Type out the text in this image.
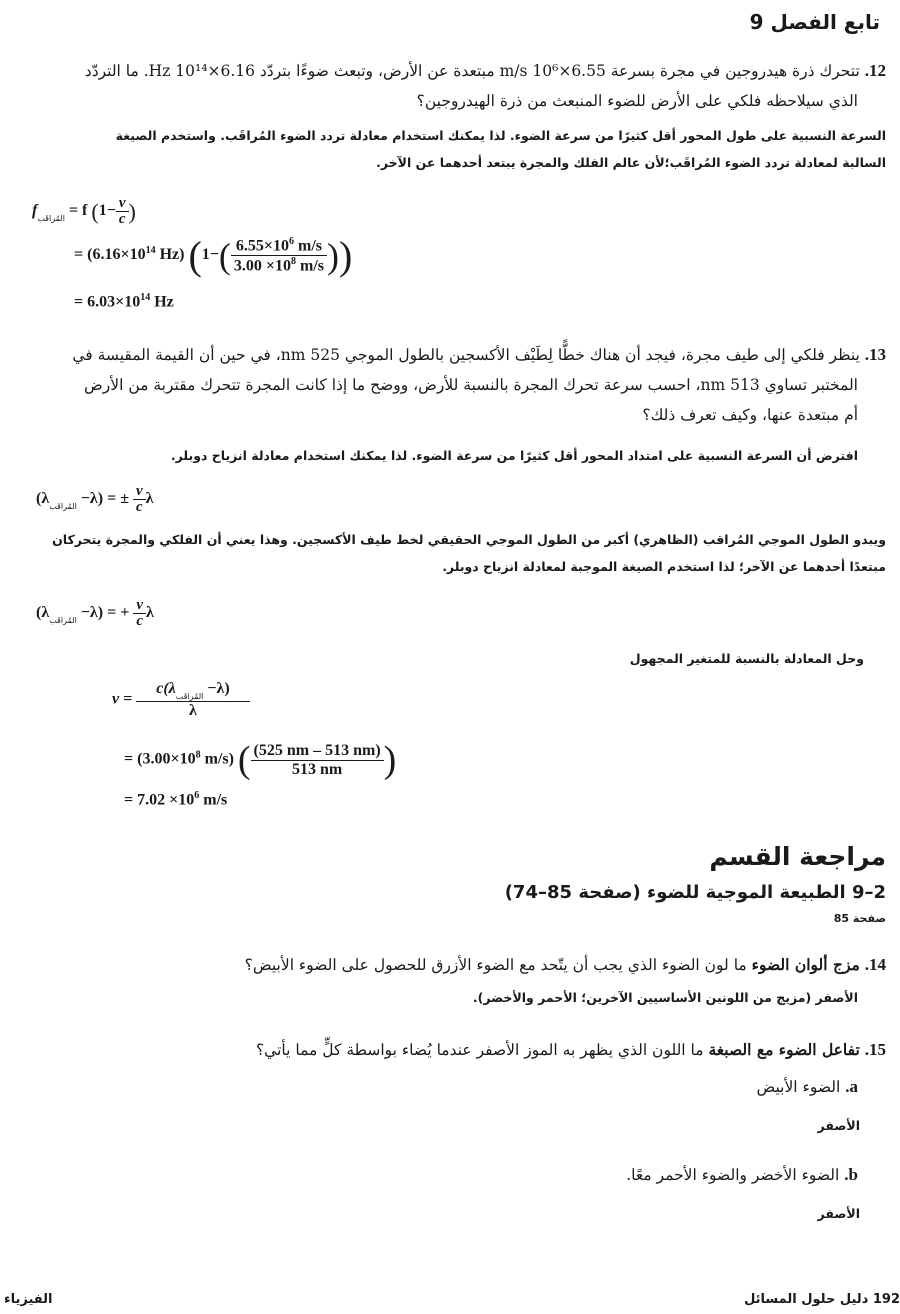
تابع الفصل 9
12. تتحرك ذرة هيدروجين في مجرة بسرعة 6.55×10⁶ m/s مبتعدة عن الأرض، وتبعث ضوءًا بتردّد 6.16×10¹⁴ Hz. ما التردّد
الذي سيلاحظه فلكي على الأرض للضوء المنبعث من ذرة الهيدروجين؟
السرعة النسبية على طول المحور أقل كثيرًا من سرعة الضوء. لذا يمكنك استخدام معادلة تردد الضوء المُراقَب. واستخدم الصيغة
السالبة لمعادلة تردد الضوء المُراقَب؛لأن عالم الفلك والمجرة يبتعد أحدهما عن الآخر.
$f_{المُراقَب} = f$ ($1- \frac{v}{c}$ )
= ($6.16\times 10^{14}$ Hz) ($1-( \frac{6.55\times 10^6 m/s}{3.00 \times 10^8 m/s}$ ))
= $6.03\times 10^{14}$ Hz
13. ينظر فلكي إلى طيف مجرة، فيجد أن هناك خطًّا لِطَيْف الأكسجين بالطول الموجي 525 nm، في حين أن القيمة المقيسة في
المختبر تساوي 513 nm، احسب سرعة تحرك المجرة بالنسبة للأرض، ووضح ما إذا كانت المجرة تتحرك مقتربة من الأرض
أم مبتعدة عنها، وكيف تعرف ذلك؟
افترض أن السرعة النسبية على امتداد المحور أقل كثيرًا من سرعة الضوء. لذا يمكنك استخدام معادلة انزياح دوبلر.
$(\lambda_{المُراقَب} -\lambda)$ = ± $\frac{v}{c}$ λ
ويبدو الطول الموجي المُراقب (الظاهري) أكبر من الطول الموجي الحقيقي لخط طيف الأكسجين. وهذا يعني أن الفلكي والمجرة يتحركان
مبتعدًا أحدهما عن الآخر؛ لذا استخدم الصيغة الموجبة لمعادلة انزياح دوبلر.
$(\lambda_{المُراقَب} -\lambda)$ = + $\frac{v}{c}$ λ
وحل المعادلة بالنسبة للمتغير المجهول
$v = \frac{c(\lambda_{المُراقَب} -\lambda)}{\lambda}$
= ($3.00\times 10^8$ m/s) ( $\frac{(525 nm - 513 nm)}{513 nm}$ )
= $7.02 \times 10^6$ m/s
مراجعة القسم
2–9 الطبيعة الموجية للضوء (صفحة 85–74)
صفحة 85
14. مزج ألوان الضوء ما لون الضوء الذي يجب أن يتّحد مع الضوء الأزرق للحصول على الضوء الأبيض؟
الأصفر (مزيج من اللونين الأساسيين الآخرين؛ الأحمر والأخضر).
15. تفاعل الضوء مع الصبغة ما اللون الذي يظهر به الموز الأصفر عندما يُضاء بواسطة كلٍّ مما يأتي؟
a. الضوء الأبيض
الأصفر
b. الضوء الأخضر والضوء الأحمر معًا.
الأصفر
192 دليل حلول المسائل
الفيزياء
